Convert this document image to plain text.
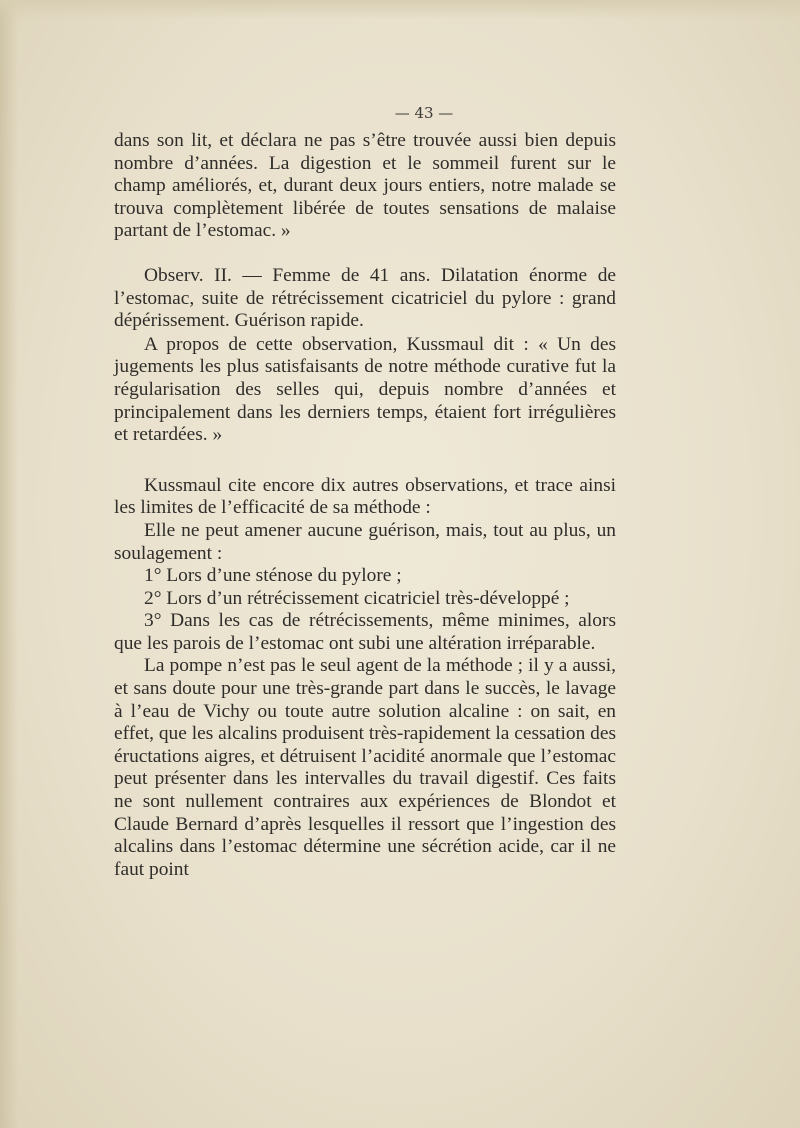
— 43 —

dans son lit, et déclara ne pas s’être trouvée aussi bien depuis nombre d’années. La digestion et le sommeil furent sur le champ améliorés, et, durant deux jours entiers, notre malade se trouva complètement libérée de toutes sensations de malaise partant de l’estomac. »

Observ. II. — Femme de 41 ans. Dilatation énorme de l’estomac, suite de rétrécissement cicatriciel du pylore : grand dépérissement. Guérison rapide.

A propos de cette observation, Kussmaul dit : « Un des jugements les plus satisfaisants de notre méthode curative fut la régularisation des selles qui, depuis nombre d’années et principalement dans les derniers temps, étaient fort irrégulières et retardées. »

Kussmaul cite encore dix autres observations, et trace ainsi les limites de l’efficacité de sa méthode :

Elle ne peut amener aucune guérison, mais, tout au plus, un soulagement :

1° Lors d’une sténose du pylore ;

2° Lors d’un rétrécissement cicatriciel très-développé ;

3° Dans les cas de rétrécissements, même minimes, alors que les parois de l’estomac ont subi une altération irréparable.

La pompe n’est pas le seul agent de la méthode ; il y a aussi, et sans doute pour une très-grande part dans le succès, le lavage à l’eau de Vichy ou toute autre solution alcaline : on sait, en effet, que les alcalins produisent très-rapidement la cessation des éructations aigres, et détruisent l’acidité anormale que l’estomac peut présenter dans les intervalles du travail digestif. Ces faits ne sont nullement contraires aux expériences de Blondot et Claude Bernard d’après lesquelles il ressort que l’ingestion des alcalins dans l’estomac détermine une sécrétion acide, car il ne faut point
